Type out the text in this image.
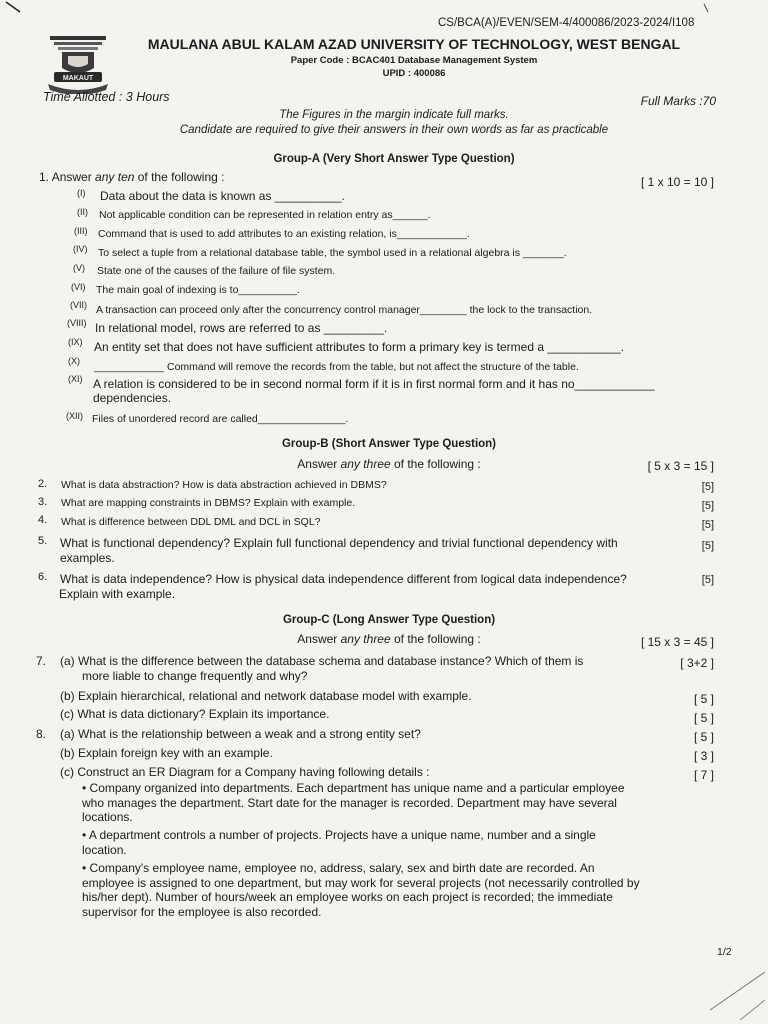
CS/BCA(A)/EVEN/SEM-4/400086/2023-2024/I108
MAKAUT
MAULANA ABUL KALAM AZAD UNIVERSITY OF TECHNOLOGY, WEST BENGAL
Paper Code : BCAC401 Database Management System
UPID : 400086
Time Allotted : 3 Hours	Full Marks :70
The Figures in the margin indicate full marks.
Candidate are required to give their answers in their own words as far as practicable
Group-A (Very Short Answer Type Question)
1. Answer any ten of the following :	[ 1 x 10 = 10 ]
(I) Data about the data is known as __________.
(II) Not applicable condition can be represented in relation entry as______.
(III) Command that is used to add attributes to an existing relation, is____________.
(IV) To select a tuple from a relational database table, the symbol used in a relational algebra is _______.
(V) State one of the causes of the failure of file system.
(VI) The main goal of indexing is to__________.
(VII) A transaction can proceed only after the concurrency control manager________ the lock to the transaction.
(VIII) In relational model, rows are referred to as _________.
(IX) An entity set that does not have sufficient attributes to form a primary key is termed a ___________.
(X) ____________ Command will remove the records from the table, but not affect the structure of the table.
(XI) A relation is considered to be in second normal form if it is in first normal form and it has no____________
dependencies.
(XII) Files of unordered record are called_______________.
Group-B (Short Answer Type Question)
Answer any three of the following :	[ 5 x 3 = 15 ]
2. What is data abstraction? How is data abstraction achieved in DBMS?	[5]
3. What are mapping constraints in DBMS? Explain with example.	[5]
4. What is difference between DDL DML and DCL in SQL?	[5]
5. What is functional dependency? Explain full functional dependency and trivial functional dependency with
examples.
[5]
6. What is data independence? How is physical data independence different from logical data independence?
Explain with example.
[5]
Group-C (Long Answer Type Question)
Answer any three of the following :	[ 15 x 3 = 45 ]
7. (a) What is the difference between the database schema and database instance? Which of them is
more liable to change frequently and why?
[ 3+2 ]
(b) Explain hierarchical, relational and network database model with example.	[ 5 ]
(c) What is data dictionary? Explain its importance.	[ 5 ]
8. (a) What is the relationship between a weak and a strong entity set?	[ 5 ]
(b) Explain foreign key with an example.	[ 3 ]
(c) Construct an ER Diagram for a Company having following details :	[ 7 ]
• Company organized into departments. Each department has unique name and a particular employee who manages the department. Start date for the manager is recorded. Department may have several locations.
• A department controls a number of projects. Projects have a unique name, number and a single location.
• Company's employee name, employee no, address, salary, sex and birth date are recorded. An employee is assigned to one department, but may work for several projects (not necessarily controlled by his/her dept). Number of hours/week an employee works on each project is recorded; the immediate supervisor for the employee is also recorded.
1/2
